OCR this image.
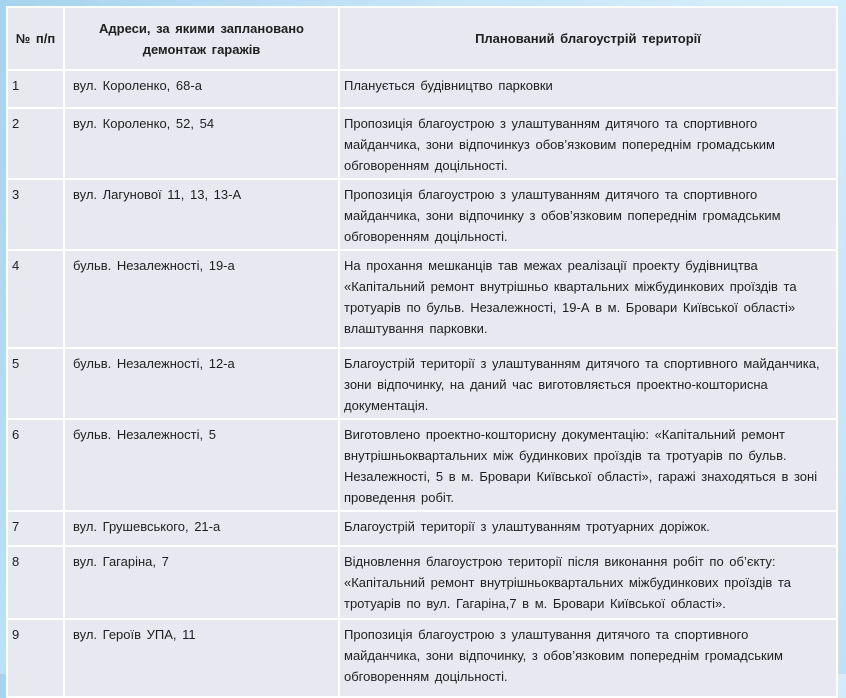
№ п/п	Адреси, за якими заплановано демонтаж гаражів	Планований благоустрій території
1	вул. Короленко, 68-а	Планується будівництво парковки
2	вул. Короленко, 52, 54	Пропозиція благоустрою з улаштуванням дитячого та спортивного майданчика, зони відпочинкуз обов’язковим попереднім громадським обговоренням доцільності.
3	вул. Лагунової 11, 13, 13-А	Пропозиція благоустрою з улаштуванням дитячого та спортивного майданчика, зони відпочинку з обов’язковим попереднім громадським обговоренням доцільності.
4	бульв. Незалежності, 19-а	На прохання мешканців тав межах реалізації проекту будівництва «Капітальний ремонт внутрішньо квартальних міжбудинкових проїздів та тротуарів по бульв. Незалежності, 19-А в м. Бровари Київської області» влаштування парковки.
5	бульв. Незалежності, 12-а	Благоустрій території з улаштуванням дитячого та спортивного майданчика, зони відпочинку, на даний час виготовляється проектно-кошторисна документація.
6	бульв. Незалежності, 5	Виготовлено проектно-кошторисну документацію: «Капітальний ремонт внутрішньоквартальних між будинкових проїздів та тротуарів по бульв. Незалежності, 5 в м. Бровари Київської області», гаражі знаходяться в зоні проведення робіт.
7	вул. Грушевського, 21-а	Благоустрій території з улаштуванням тротуарних доріжок.
8	вул. Гагаріна, 7	Відновлення благоустрою території після виконання робіт по об’єкту: «Капітальний ремонт внутрішньоквартальних міжбудинкових проїздів та тротуарів по вул. Гагаріна,7 в м. Бровари Київської області».
9	вул. Героїв УПА, 11	Пропозиція благоустрою з улаштування дитячого та спортивного майданчика, зони відпочинку, з обов’язковим попереднім громадським обговоренням доцільності.
